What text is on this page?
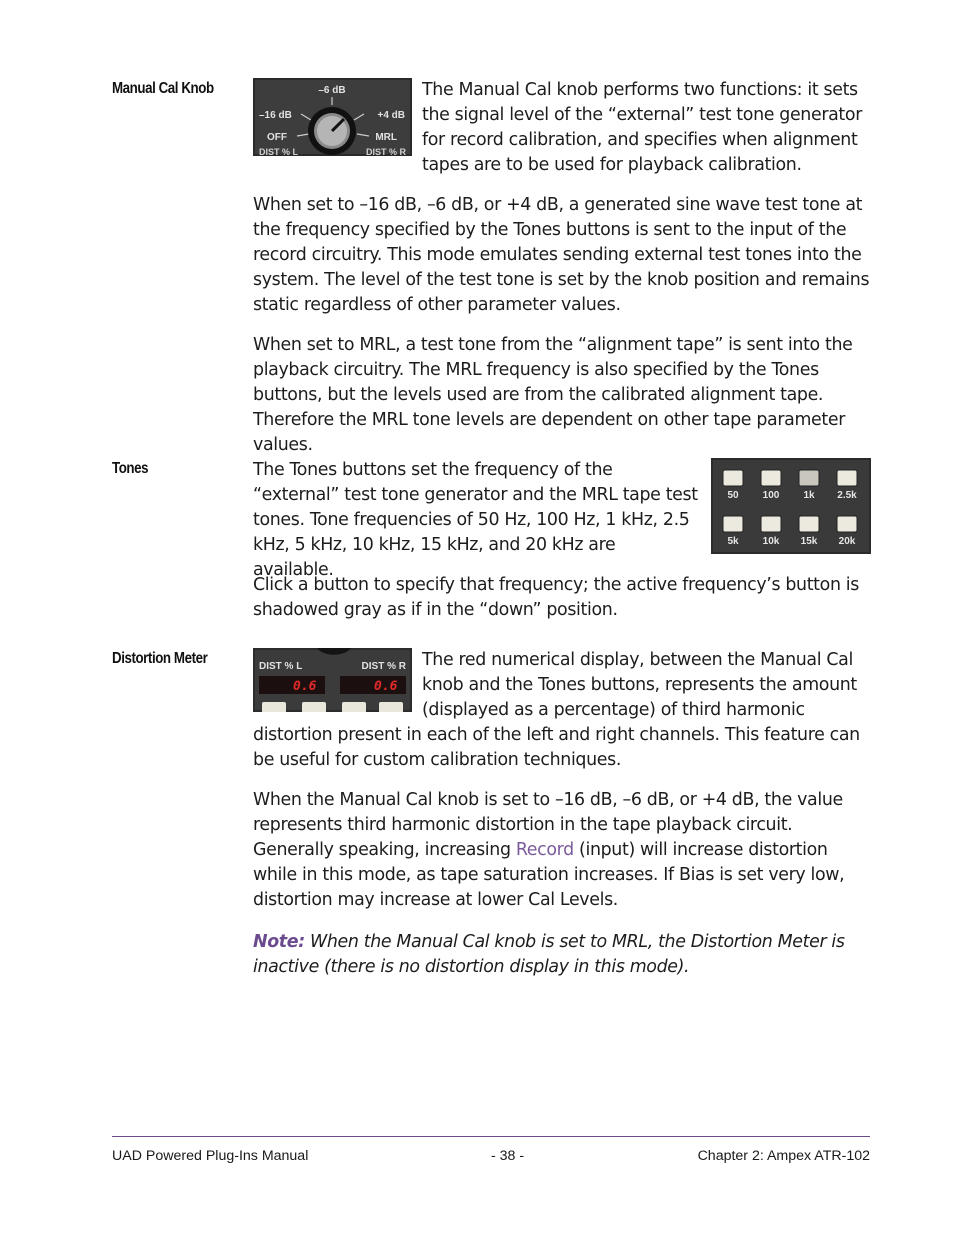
Manual Cal Knob	–6 dB
–16 dB	+4 dB
OFF	MRL
DIST % L	DIST % R

The Manual Cal knob performs two functions: it sets the signal level of the “external” test tone generator for record calibration, and specifies when alignment tapes are to be used for playback calibration.

When set to –16 dB, –6 dB, or +4 dB, a generated sine wave test tone at the frequency specified by the Tones buttons is sent to the input of the record circuitry. This mode emulates sending external test tones into the system. The level of the test tone is set by the knob position and remains static regardless of other parameter values.

When set to MRL, a test tone from the “alignment tape” is sent into the playback circuitry. The MRL frequency is also specified by the Tones buttons, but the levels used are from the calibrated alignment tape. Therefore the MRL tone levels are dependent on other tape parameter values.

Tones
50 100 1k 2.5k
5k 10k 15k 20k

The Tones buttons set the frequency of the “external” test tone generator and the MRL tape test tones. Tone frequencies of 50 Hz, 100 Hz, 1 kHz, 2.5 kHz, 5 kHz, 10 kHz, 15 kHz, and 20 kHz are available.

Click a button to specify that frequency; the active frequency’s button is shadowed gray as if in the “down” position.

Distortion Meter	DIST % L	DIST % R
0.6	0.6

The red numerical display, between the Manual Cal knob and the Tones buttons, represents the amount (displayed as a percentage) of third harmonic distortion present in each of the left and right channels. This feature can be useful for custom calibration techniques.

When the Manual Cal knob is set to –16 dB, –6 dB, or +4 dB, the value represents third harmonic distortion in the tape playback circuit. Generally speaking, increasing Record (input) will increase distortion while in this mode, as tape saturation increases. If Bias is set very low, distortion may increase at lower Cal Levels.

Note: When the Manual Cal knob is set to MRL, the Distortion Meter is inactive (there is no distortion display in this mode).

UAD Powered Plug-Ins Manual	- 38 -	Chapter 2: Ampex ATR-102
